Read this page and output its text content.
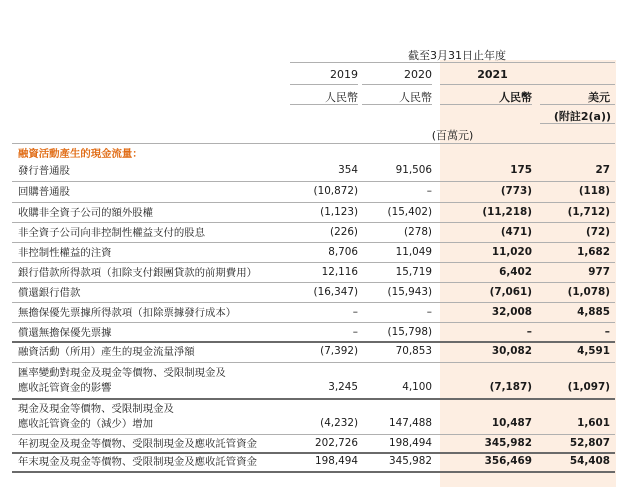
截至3月31日止年度
2019	2020	2021
人民幣	人民幣	人民幣	美元
(附註2(a))
(百萬元)
融資活動產生的現金流量：
發行普通股	354	91,506	175	27
回購普通股	(10,872)	–	(773)	(118)
收購非全資子公司的額外股權	(1,123)	(15,402)	(11,218)	(1,712)
非全資子公司向非控制性權益支付的股息	(226)	(278)	(471)	(72)
非控制性權益的注資	8,706	11,049	11,020	1,682
銀行借款所得款項（扣除支付銀團貸款的前期費用）	12,116	15,719	6,402	977
償還銀行借款	(16,347)	(15,943)	(7,061)	(1,078)
無擔保優先票據所得款項（扣除票據發行成本）	–	–	32,008	4,885
償還無擔保優先票據	–	(15,798)	–	–
融資活動（所用）產生的現金流量淨額	(7,392)	70,853	30,082	4,591
匯率變動對現金及現金等價物、受限制現金及
應收託管資金的影響	3,245	4,100	(7,187)	(1,097)
現金及現金等價物、受限制現金及
應收託管資金的（減少）增加	(4,232)	147,488	10,487	1,601
年初現金及現金等價物、受限制現金及應收託管資金	202,726	198,494	345,982	52,807
年末現金及現金等價物、受限制現金及應收託管資金	198,494	345,982	356,469	54,408
